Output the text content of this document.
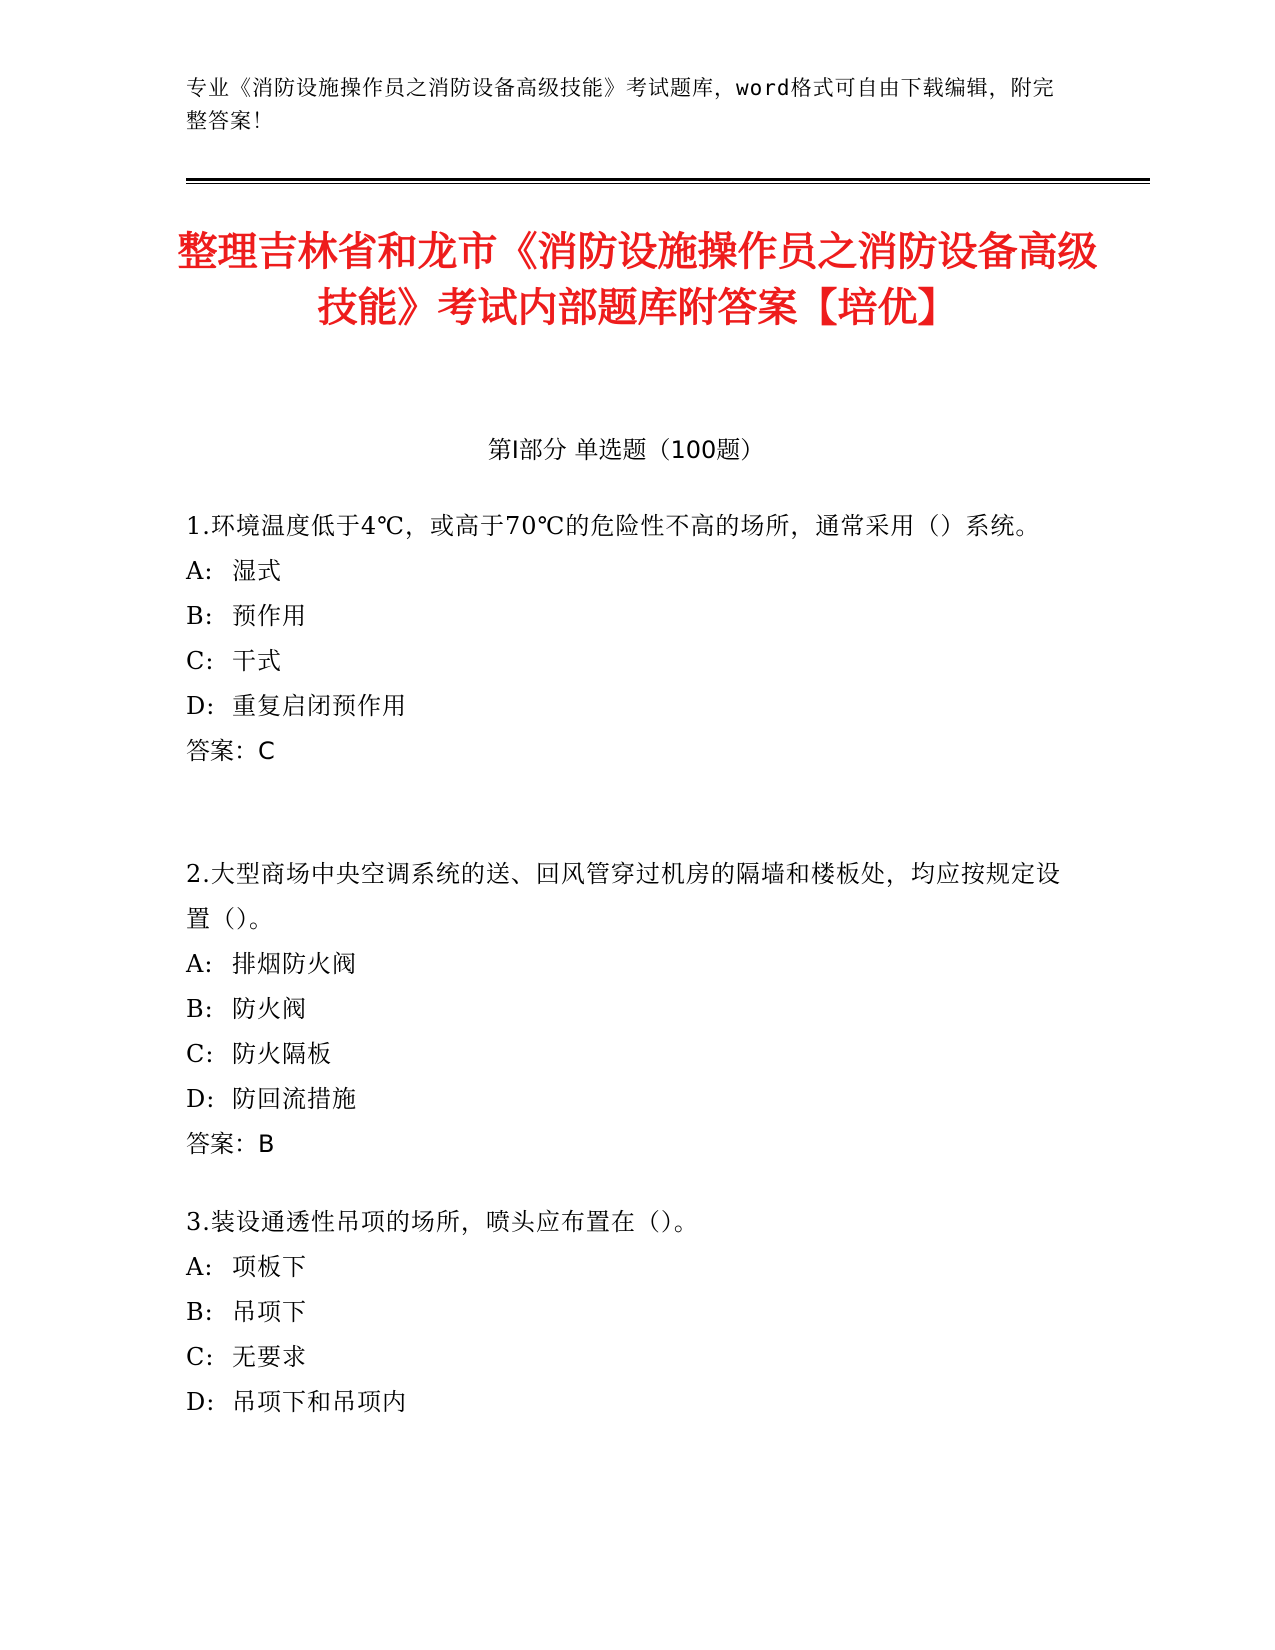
专业《消防设施操作员之消防设备高级技能》考试题库，word格式可自由下载编辑，附完整答案！
整理吉林省和龙市《消防设施操作员之消防设备高级技能》考试内部题库附答案【培优】
第I部分 单选题（100题）
1.环境温度低于4℃，或高于70℃的危险性不高的场所，通常采用（）系统。
A: 湿式
B: 预作用
C: 干式
D: 重复启闭预作用
答案：C
2.大型商场中央空调系统的送、回风管穿过机房的隔墙和楼板处，均应按规定设置（）。
A: 排烟防火阀
B: 防火阀
C: 防火隔板
D: 防回流措施
答案：B
3.装设通透性吊项的场所，喷头应布置在（）。
A: 项板下
B: 吊项下
C: 无要求
D: 吊项下和吊项内
